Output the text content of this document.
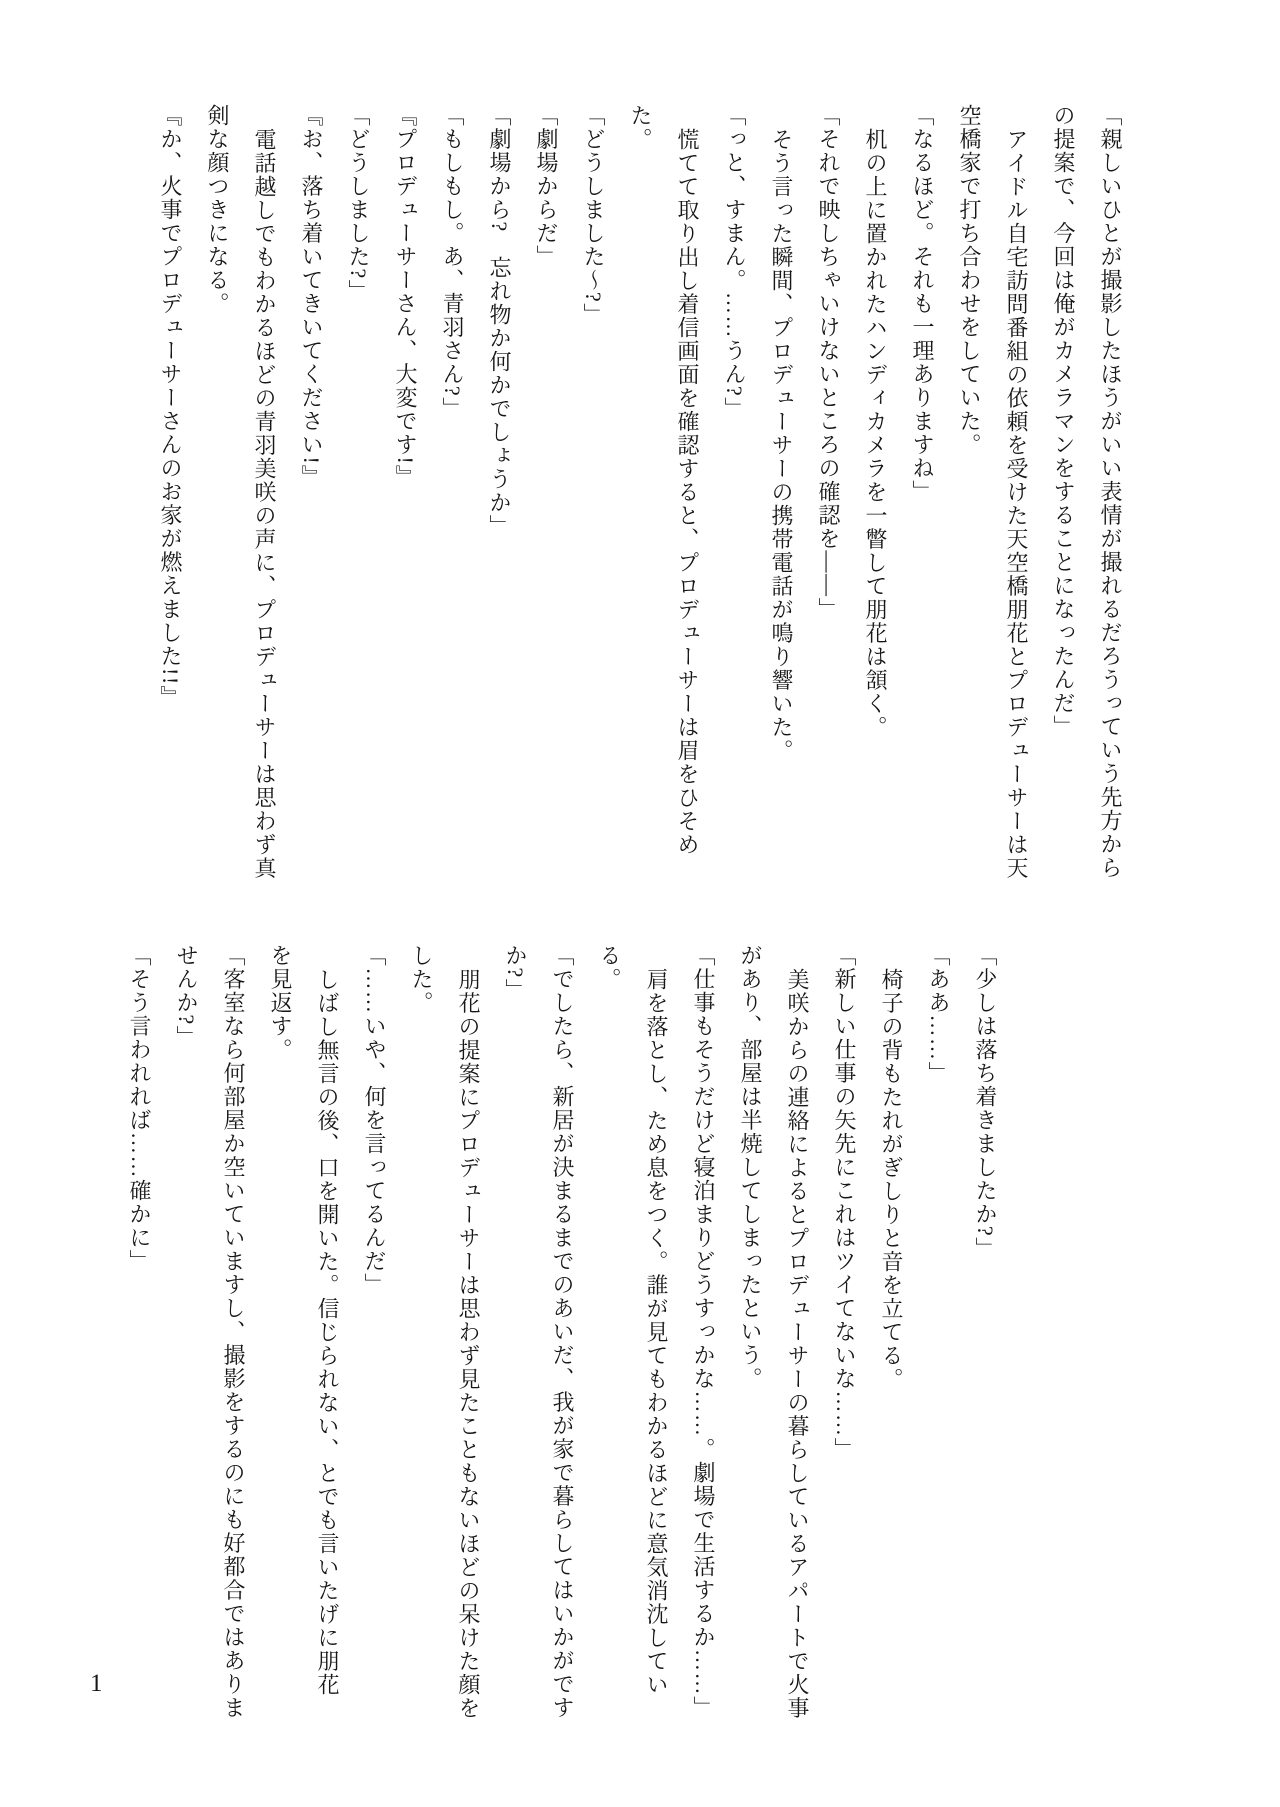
「親しいひとが撮影したほうがいい表情が撮れるだろうっていう先方から

の提案で、今回は俺がカメラマンをすることになったんだ」

アイドル自宅訪問番組の依頼を受けた天空橋朋花とプロデューサーは天

空橋家で打ち合わせをしていた。

「なるほど。それも一理ありますね」

机の上に置かれたハンディカメラを一瞥して朋花は頷く。

「それで映しちゃいけないところの確認を――」

そう言った瞬間、プロデューサーの携帯電話が鳴り響いた。

「っと、すまん。……うん?」

慌てて取り出し着信画面を確認すると、プロデューサーは眉をひそめ

た。

「どうしました〜?」

「劇場からだ」

「劇場から?　忘れ物か何かでしょうか」

「もしもし。あ、青羽さん?」

『プロデューサーさん、大変です!』

「どうしました?」

『お、落ち着いてきいてください!』

電話越しでもわかるほどの青羽美咲の声に、プロデューサーは思わず真

剣な顔つきになる。

『か、火事でプロデューサーさんのお家が燃えました!!』

「少しは落ち着きましたか?」

「ああ……」

椅子の背もたれがぎしりと音を立てる。

「新しい仕事の矢先にこれはツイてないな……」

美咲からの連絡によるとプロデューサーの暮らしているアパートで火事

があり、部屋は半焼してしまったという。

「仕事もそうだけど寝泊まりどうすっかな……。劇場で生活するか……」

肩を落とし、ため息をつく。誰が見てもわかるほどに意気消沈してい

る。

「でしたら、新居が決まるまでのあいだ、我が家で暮らしてはいかがです

か?」

朋花の提案にプロデューサーは思わず見たこともないほどの呆けた顔を

した。

「……いや、何を言ってるんだ」

しばし無言の後、口を開いた。信じられない、とでも言いたげに朋花

を見返す。

「客室なら何部屋か空いていますし、撮影をするのにも好都合ではありま

せんか?」

「そう言われれば……確かに」

1
